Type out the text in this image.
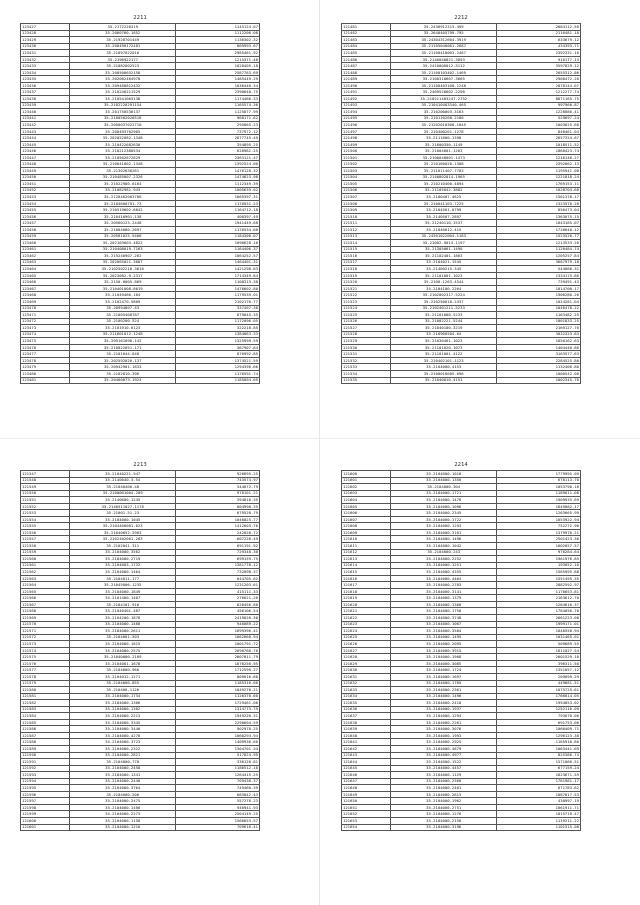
2211
123427	35.2172226319	1145124.07
123428	35.2060760.1852	1112206.08
123429	35.21928701449	1136302.32
123430	35.200490172481	869993.67
123431	35.21097022016	2985461.92
123432	35.2196922177	1215371.48
123433	35.21082002523	1028405.18
123434	35.200500652158	2587783.69
123435	35.202082464978	1485449.29
123436	35.209480812432	1036446.34
123437	35.210246211529	2390648.75
123438	35.210541063138	1174466.33
123439	35.2182220291154	1165574.36
123440	35.201750536137	1125877.99
123441	35.2100502026518	968171.62
123442	35.2050037022710	295865.23
123443	35.200493702965	737972.12
123444	35.202052082.1348	2877745.49
123445	35.210422682630	354895.25
123446	35.210212380534	628982.25
123447	35.210502672829	2363121.47
123448	35.210641802.1348	1392524.00
123449	35.21302630261	1476128.32
123450	35.210485007.2326	1474623.98
123451	35.21022980.6164	1112349.39
123452	35.21082981.943	1005639.02
123453	35.2128402003786	1665397.31
123454	35.2104600791.73	1170931.23
123455	35.210519602.6842	1164712.18
123456	35.210410901.138	408397.49
123457	35.20560123.2448	1941449.68
123458	35.21084080.2697	1176534.60
123459	35.20581025.5466	1184306.07
123460	35.202103603.4822	1096628.16
123461	35.210408019.7163	1164406.37
123462	35.219240907.262	1064252.57
123463	35.202065021.3687	1464401.31
123464	35.2102502210.3616	1421298.63
123465	35.2023082.9.2317	1714349.84
123466	35.2150.0005.869	1108313.38
123467	35.210401008.6619	1476602.80
123468	35.21049466.104	1179539.01
123469	35.2102470.5809	2102176.77
123470	35.20994807.43	337407.30
123471	35.21005400787	879045.35
123472	35.2100200.524	1172096.05
123473	35.2101910.6123	322218.85
123474	35.211601012.1248	1384863.33
123475	35.209161090.142	1325999.59
123476	35.210822051.171	367907.84
123477	35.2101044.048	876992.85
123478	35.202592020.137	1374521.59
123479	35.20942901.1633	1294396.66
123480	35.2102810.396	1176591.74
123481	35.20460073.1924	1185094.69
2212
121481	35.2436912313.499	2684112.50
121482	35.2640405799.795	2116481.18
121483	35.24304312604.3919	633679.12
121484	35.21105040061.2687	434393.71
121485	35.21100410003.2467	2392331.10
121486	35.2140040821.3093	910177.13
121487	35.2410000012.3112	3597829.12
121488	35.21100103402.1469	2655312.86
121489	35.2100310607.3665	2908472.20
121490	35.21100403100.1248	2878144.07
121491	35.2409520602.2298	1212277.74
121492	35.210211403247.2752	8871165.75
121493	35.210410403340.465	997966.87
121494	35.210200003.3163	1228080.41
121495	35.210110200.2180	529697.24
121496	35.21202010300.1045	1003625.60
121497	35.210400201.1278	848461.04
121498	35.2111000.1398	2657324.67
121499	35.21600350.1149	1018511.52
121500	35.21004001.1263	1068423.74
121501	35.2100048001.1473	1216146.27
121502	35.210160020.1308	2392662.13
121503	35.211011407.7703	1195941.00
121504	35.2140802014.1965	1221818.24
121505	35.210210400.4894	1769153.11
121506	35.21105042.3882	1028704.68
121507	35.2100407.4625	1561378.17
121508	35.210041103.7225	1323570.28
121509	35.2104501.0799	856473.04
121510	35.2140507.2897	1363075.15
121511	35.21240110.1537	1043185.07
121512	35.21040012.415	1726640.12
121513	35.24301022004.1183	1523520.77
121514	35.21002.9014.1197	1213533.20
121515	35.21305061.1490	1120484.74
121516	35.21102401.1863	1205257.84
121517	35.2104021.1545	3667979.18
121518	35.21400215.345	544066.31
121519	35.21101001.1023	1334175.86
121520	35.2100.1203.4544	739491.43
121521	35.2104100.2264	1014700.17
121522	35.2102002317.5224	1906280.26
121523	35.210250010.2437	1014281.04
121524	35.2102401211.5233	1046478.22
121525	35.21101000.5233	1163482.25
121526	35.21002221.5244	1001833.25
121527	35.21040100.3219	2169127.70
121528	35.210900504.64	3032323.83
121529	35.21030401.1023	1850162.63
121530	35.21101020.1073	1404440.86
121531	35.21101001.4122	3163577.63
121532	35.210402101.1123	2284525.80
121533	35.2104000.4153	1132406.80
121534	35.2100010005.696	1000542.00
121535	35.21040010.4151	1002345.76
2213
121547	35.21040221.947	926895.25
121548	35.2140040.3.54	743574.97
121549	35.21040400.48	544672.79
121550	35.2100001004.209	978101.21
121551	35.2140600.1245	394816.35
121552	35.2140511027.1178	804998.35
121553	35.21001.51.23	679528.79
121554	35.2104000.1045	1046025.77
121555	35.2104400001.623	1412603.76
121556	35.21040052.2903	242026.72
121557	35.2102402001.283	607226.49
121558	35.2102041.311	691191.92
121559	35.2104000.3562	729348.36
121560	35.2104000.2719	699159.75
121561	35.2104003.1732	1381776.12
121562	35.2104000.1464	732098.37
121563	35.2104011.177	644705.62
121564	35.21045006.1235	1231203.61
121565	35.2104000.1849	415111.33
121566	35.2101400.1407	276621.26
121567	35.2104101.916	626456.88
121568	35.21040401.487	456106.54
121569	35.2104200.1878	2419026.30
121570	35.2104000.1468	946089.22
121571	35.2104000.2611	1699396.41
121572	35.2104001.303	1062660.94
121573	35.2104000.1815	1001791.72
121574	35.2104000.2575	2690766.76
121575	35.21040000.2109	2607011.79
121576	35.2104001.1678	1676256.95
121577	35.2104000.960	1712599.27
121578	35.2104012.1271	809016.66
121579	35.2104000.855	1185316.06
121580	35.210400.1126	1049276.21
121581	35.2104000.1734	1126370.60
121582	35.2104000.1366	1729461.08
121583	35.2104000.1362	1314773.79
121584	35.2104000.2213	1949226.31
121585	35.2104000.3345	2290604.59
121586	35.2104000.3440	902978.25
121587	35.2104000.4278	1060294.94
121588	35.2104000.3723	1409936.60
121589	35.2104000.2322	1304701.34
121590	35.2104000.2821	517824.99
121591	35.2104000.778	336120.81
121592	35.2104000.2458	1186512.16
121593	35.2104000.1341	1264415.25
121594	35.2104000.2440	709436.37
121595	35.2104000.3764	749460.39
121596	35.2104000.200	683842.43
121597	35.2104000.2475	557278.23
121598	35.2104000.1490	940941.93
121599	35.2104000.2273	2504149.25
121600	35.2104000.1158	1566653.57
121601	35.2104000.1210	709616.41
2214
121600	35.2104000.1018	1779995.09
121601	35.2104000.1350	678113.70
121602	35.2104000.304	1053790.16
121603	35.2104000.1721	1189011.08
121604	35.2104000.1478	1909935.69
121605	35.2104000.1096	1649882.17
121606	35.2104000.2345	1263665.99
121607	35.2104000.1722	1053922.94
121608	35.2104000.1293	752272.90
121609	35.2104000.3101	1379976.21
121610	35.2104000.1496	2501423.36
121611	35.2104000.1042	1602057.57
121612	35.2104000.243	976284.64
121613	35.2104000.2252	1961976.85
121614	35.2104000.1251	193052.10
121615	35.2104000.4355	1585995.88
121616	35.2104000.4464	1551495.35
121617	35.2104000.2703	2882592.97
121618	35.2104000.3141	1176653.81
121619	35.2104000.1379	2163612.70
121620	35.2104000.1360	1264616.37
121621	35.2104000.1758	1784056.70
121622	35.2104000.3748	2661223.08
121623	35.2104000.1067	1999171.01
121624	35.2104000.3584	1040556.94
121625	35.2104000.1495	1031465.01
121626	35.2104000.2095	509689.55
121627	35.2104000.3915	1611027.54
121628	35.2104000.1968	2601529.10
121629	35.2104000.3085	396311.50
121630	35.2104000.1724	1351057.12
121631	35.2104000.1697	209099.29
121632	35.2104000.1785	449681.51
121633	35.2104000.2361	1075725.61
121634	35.2104000.1496	1766014.05
121635	35.2104000.2418	1994853.02
121636	35.2104000.1937	1252116.09
121637	35.2104000.1294	793070.06
121638	35.2104000.2261	691753.06
121639	35.2104000.3076	1066409.71
121640	35.2104000.1993	1296123.38
121641	35.2104000.2925	1165916.80
121642	35.2104000.4679	1063441.69
121643	35.2104000.4977	825386.74
121644	35.2104000.1522	1571066.51
121645	35.2104000.4457	677159.24
121646	35.2104000.1129	1823671.55
121647	35.2104000.2560	1761981.17
121648	35.2104000.2401	671783.62
121649	35.2104000.2813	1087617.53
121650	35.2104000.1962	430997.19
121651	35.2104000.2751	1061911.71
121652	35.2104000.1276	1015719.47
121653	35.2104000.2150	1119211.22
121654	35.2104000.3196	1101515.08
